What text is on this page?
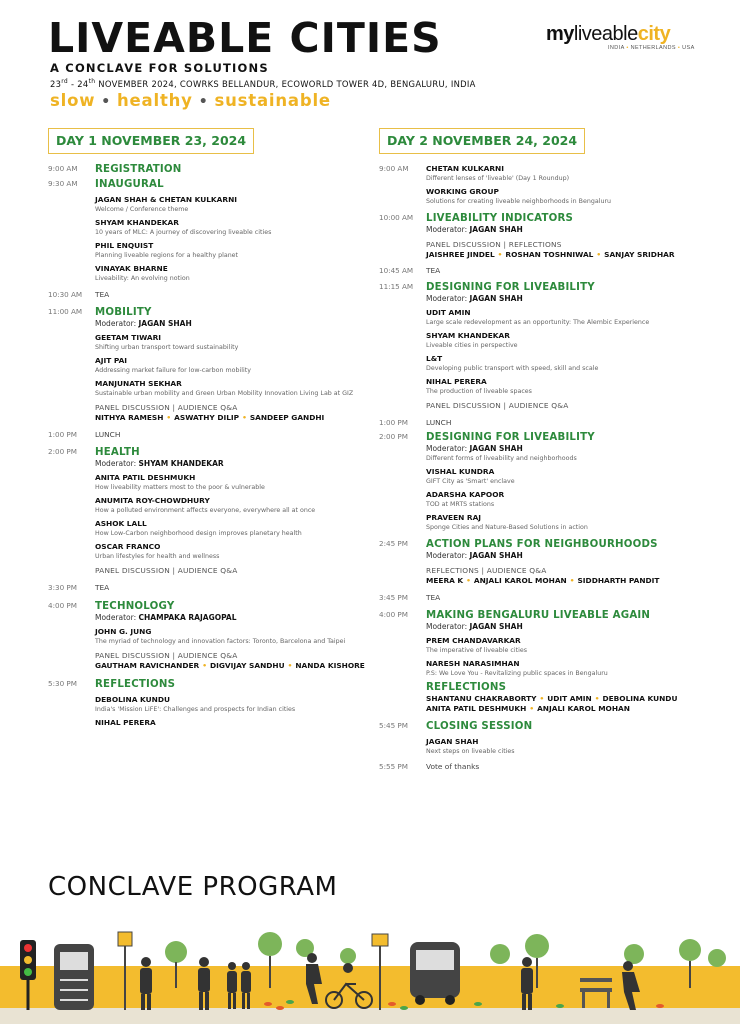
LIVEABLE CITIES
A CONCLAVE FOR SOLUTIONS
23rd - 24th NOVEMBER 2024, COWRKS BELLANDUR, ECOWORLD TOWER 4D, BENGALURU, INDIA
slow • healthy • sustainable
myliveablecity
INDIA • NETHERLANDS • USA
DAY 1 NOVEMBER 23, 2024	DAY 2 NOVEMBER 24, 2024
9:00 AM REGISTRATION
9:30 AM INAUGURAL
JAGAN SHAH & CHETAN KULKARNI
Welcome / Conference theme
SHYAM KHANDEKAR
10 years of MLC: A journey of discovering liveable cities
PHIL ENQUIST
Planning liveable regions for a healthy planet
VINAYAK BHARNE
Liveability: An evolving notion
10:30 AM TEA
11:00 AM MOBILITY
Moderator: JAGAN SHAH
GEETAM TIWARI
Shifting urban transport toward sustainability
AJIT PAI
Addressing market failure for low-carbon mobility
MANJUNATH SEKHAR
Sustainable urban mobility and Green Urban Mobility Innovation Living Lab at GIZ
PANEL DISCUSSION | AUDIENCE Q&A
NITHYA RAMESH • ASWATHY DILIP • SANDEEP GANDHI
1:00 PM LUNCH
2:00 PM HEALTH
Moderator: SHYAM KHANDEKAR
ANITA PATIL DESHMUKH
How liveability matters most to the poor & vulnerable
ANUMITA ROY-CHOWDHURY
How a polluted environment affects everyone, everywhere all at once
ASHOK LALL
How Low-Carbon neighborhood design improves planetary health
OSCAR FRANCO
Urban lifestyles for health and wellness
PANEL DISCUSSION | AUDIENCE Q&A
3:30 PM TEA
4:00 PM TECHNOLOGY
Moderator: CHAMPAKA RAJAGOPAL
JOHN G. JUNG
The myriad of technology and innovation factors: Toronto, Barcelona and Taipei
PANEL DISCUSSION | AUDIENCE Q&A
GAUTHAM RAVICHANDER • DIGVIJAY SANDHU • NANDA KISHORE
5:30 PM REFLECTIONS
DEBOLINA KUNDU
India's 'Mission LiFE': Challenges and prospects for Indian cities
NIHAL PERERA
9:00 AM CHETAN KULKARNI
Different lenses of 'liveable' (Day 1 Roundup)
WORKING GROUP
Solutions for creating liveable neighborhoods in Bengaluru
10:00 AM LIVEABILITY INDICATORS
Moderator: JAGAN SHAH
PANEL DISCUSSION | REFLECTIONS
JAISHREE JINDEL • ROSHAN TOSHNIWAL • SANJAY SRIDHAR
10:45 AM TEA
11:15 AM DESIGNING FOR LIVEABILITY
Moderator: JAGAN SHAH
UDIT AMIN
Large scale redevelopment as an opportunity: The Alembic Experience
SHYAM KHANDEKAR
Liveable cities in perspective
L&T
Developing public transport with speed, skill and scale
NIHAL PERERA
The production of liveable spaces
PANEL DISCUSSION | AUDIENCE Q&A
1:00 PM LUNCH
2:00 PM DESIGNING FOR LIVEABILITY
Moderator: JAGAN SHAH
Different forms of liveability and neighborhoods
VISHAL KUNDRA
GIFT City as 'Smart' enclave
ADARSHA KAPOOR
TOD at MRTS stations
PRAVEEN RAJ
Sponge Cities and Nature-Based Solutions in action
2:45 PM ACTION PLANS FOR NEIGHBOURHOODS
Moderator: JAGAN SHAH
REFLECTIONS | AUDIENCE Q&A
MEERA K • ANJALI KAROL MOHAN • SIDDHARTH PANDIT
3:45 PM TEA
4:00 PM MAKING BENGALURU LIVEABLE AGAIN
Moderator: JAGAN SHAH
PREM CHANDAVARKAR
The imperative of liveable cities
NARESH NARASIMHAN
P.S: We Love You - Revitalizing public spaces in Bengaluru
REFLECTIONS
SHANTANU CHAKRABORTY • UDIT AMIN • DEBOLINA KUNDU
ANITA PATIL DESHMUKH • ANJALI KAROL MOHAN
5:45 PM CLOSING SESSION
JAGAN SHAH
Next steps on liveable cities
5:55 PM Vote of thanks
CONCLAVE PROGRAM
